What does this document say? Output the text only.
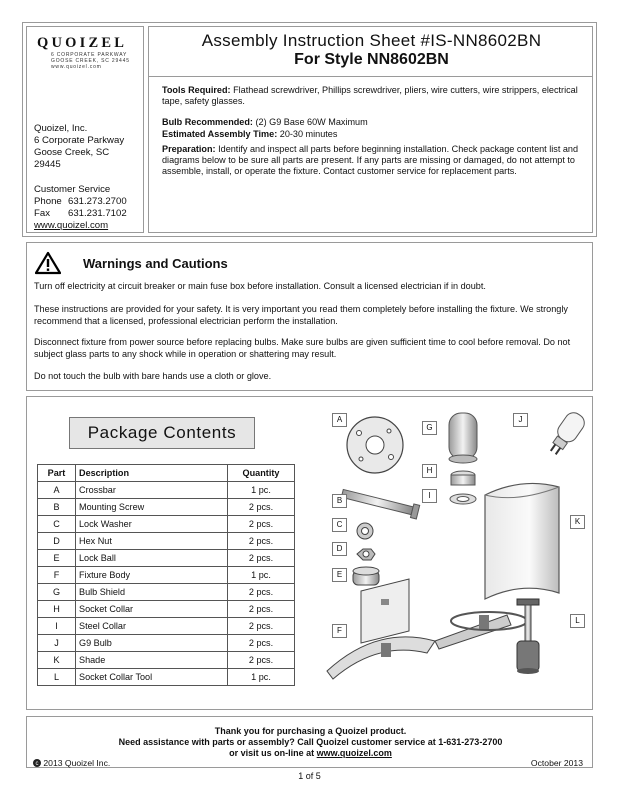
QUOIZEL
6 CORPORATE PARKWAY
GOOSE CREEK, SC 29445
www.quoizel.com
Quoizel, Inc.
6 Corporate Parkway
Goose Creek, SC
29445
Customer Service
Phone 631.273.2700
Fax	631.231.7102
www.quoizel.com
Assembly Instruction Sheet #IS-NN8602BN
For Style NN8602BN
Tools Required: Flathead screwdriver, Phillips screwdriver, pliers, wire cutters, wire strippers, electrical tape, safety glasses.
Bulb Recommended: (2) G9 Base 60W Maximum
Estimated Assembly Time: 20-30 minutes
Preparation: Identify and inspect all parts before beginning installation. Check package content list and diagrams below to be sure all parts are present. If any parts are missing or damaged, do not attempt to assemble, install, or operate the fixture. Contact customer service for replacement parts.
Warnings and Cautions
Turn off electricity at circuit breaker or main fuse box before installation. Consult a licensed electrician if in doubt.
These instructions are provided for your safety. It is very important you read them completely before installing the fixture. We strongly recommend that a licensed, professional electrician perform the installation.
Disconnect fixture from power source before replacing bulbs. Make sure bulbs are given sufficient time to cool before removal. Do not subject glass parts to any shock while in operation or shattering may result.
Do not touch the bulb with bare hands use a cloth or glove.
Package Contents
Part	Description	Quantity
A	Crossbar	1 pc.
B	Mounting Screw	2 pcs.
C	Lock Washer	2 pcs.
D	Hex Nut	2 pcs.
E	Lock Ball	2 pcs.
F	Fixture Body	1 pc.
G	Bulb Shield	2 pcs.
H	Socket Collar	2 pcs.
I	Steel Collar	2 pcs.
J	G9 Bulb	2 pcs.
K	Shade	2 pcs.
L	Socket Collar Tool	1 pc.
A
B
C
D
E
F
G
H
I
J
K
L
Thank you for purchasing a Quoizel product.
Need assistance with parts or assembly? Call Quoizel customer service at 1-631-273-2700
or visit us on-line at www.quoizel.com
c 2013 Quoizel Inc.	October 2013
1 of 5
